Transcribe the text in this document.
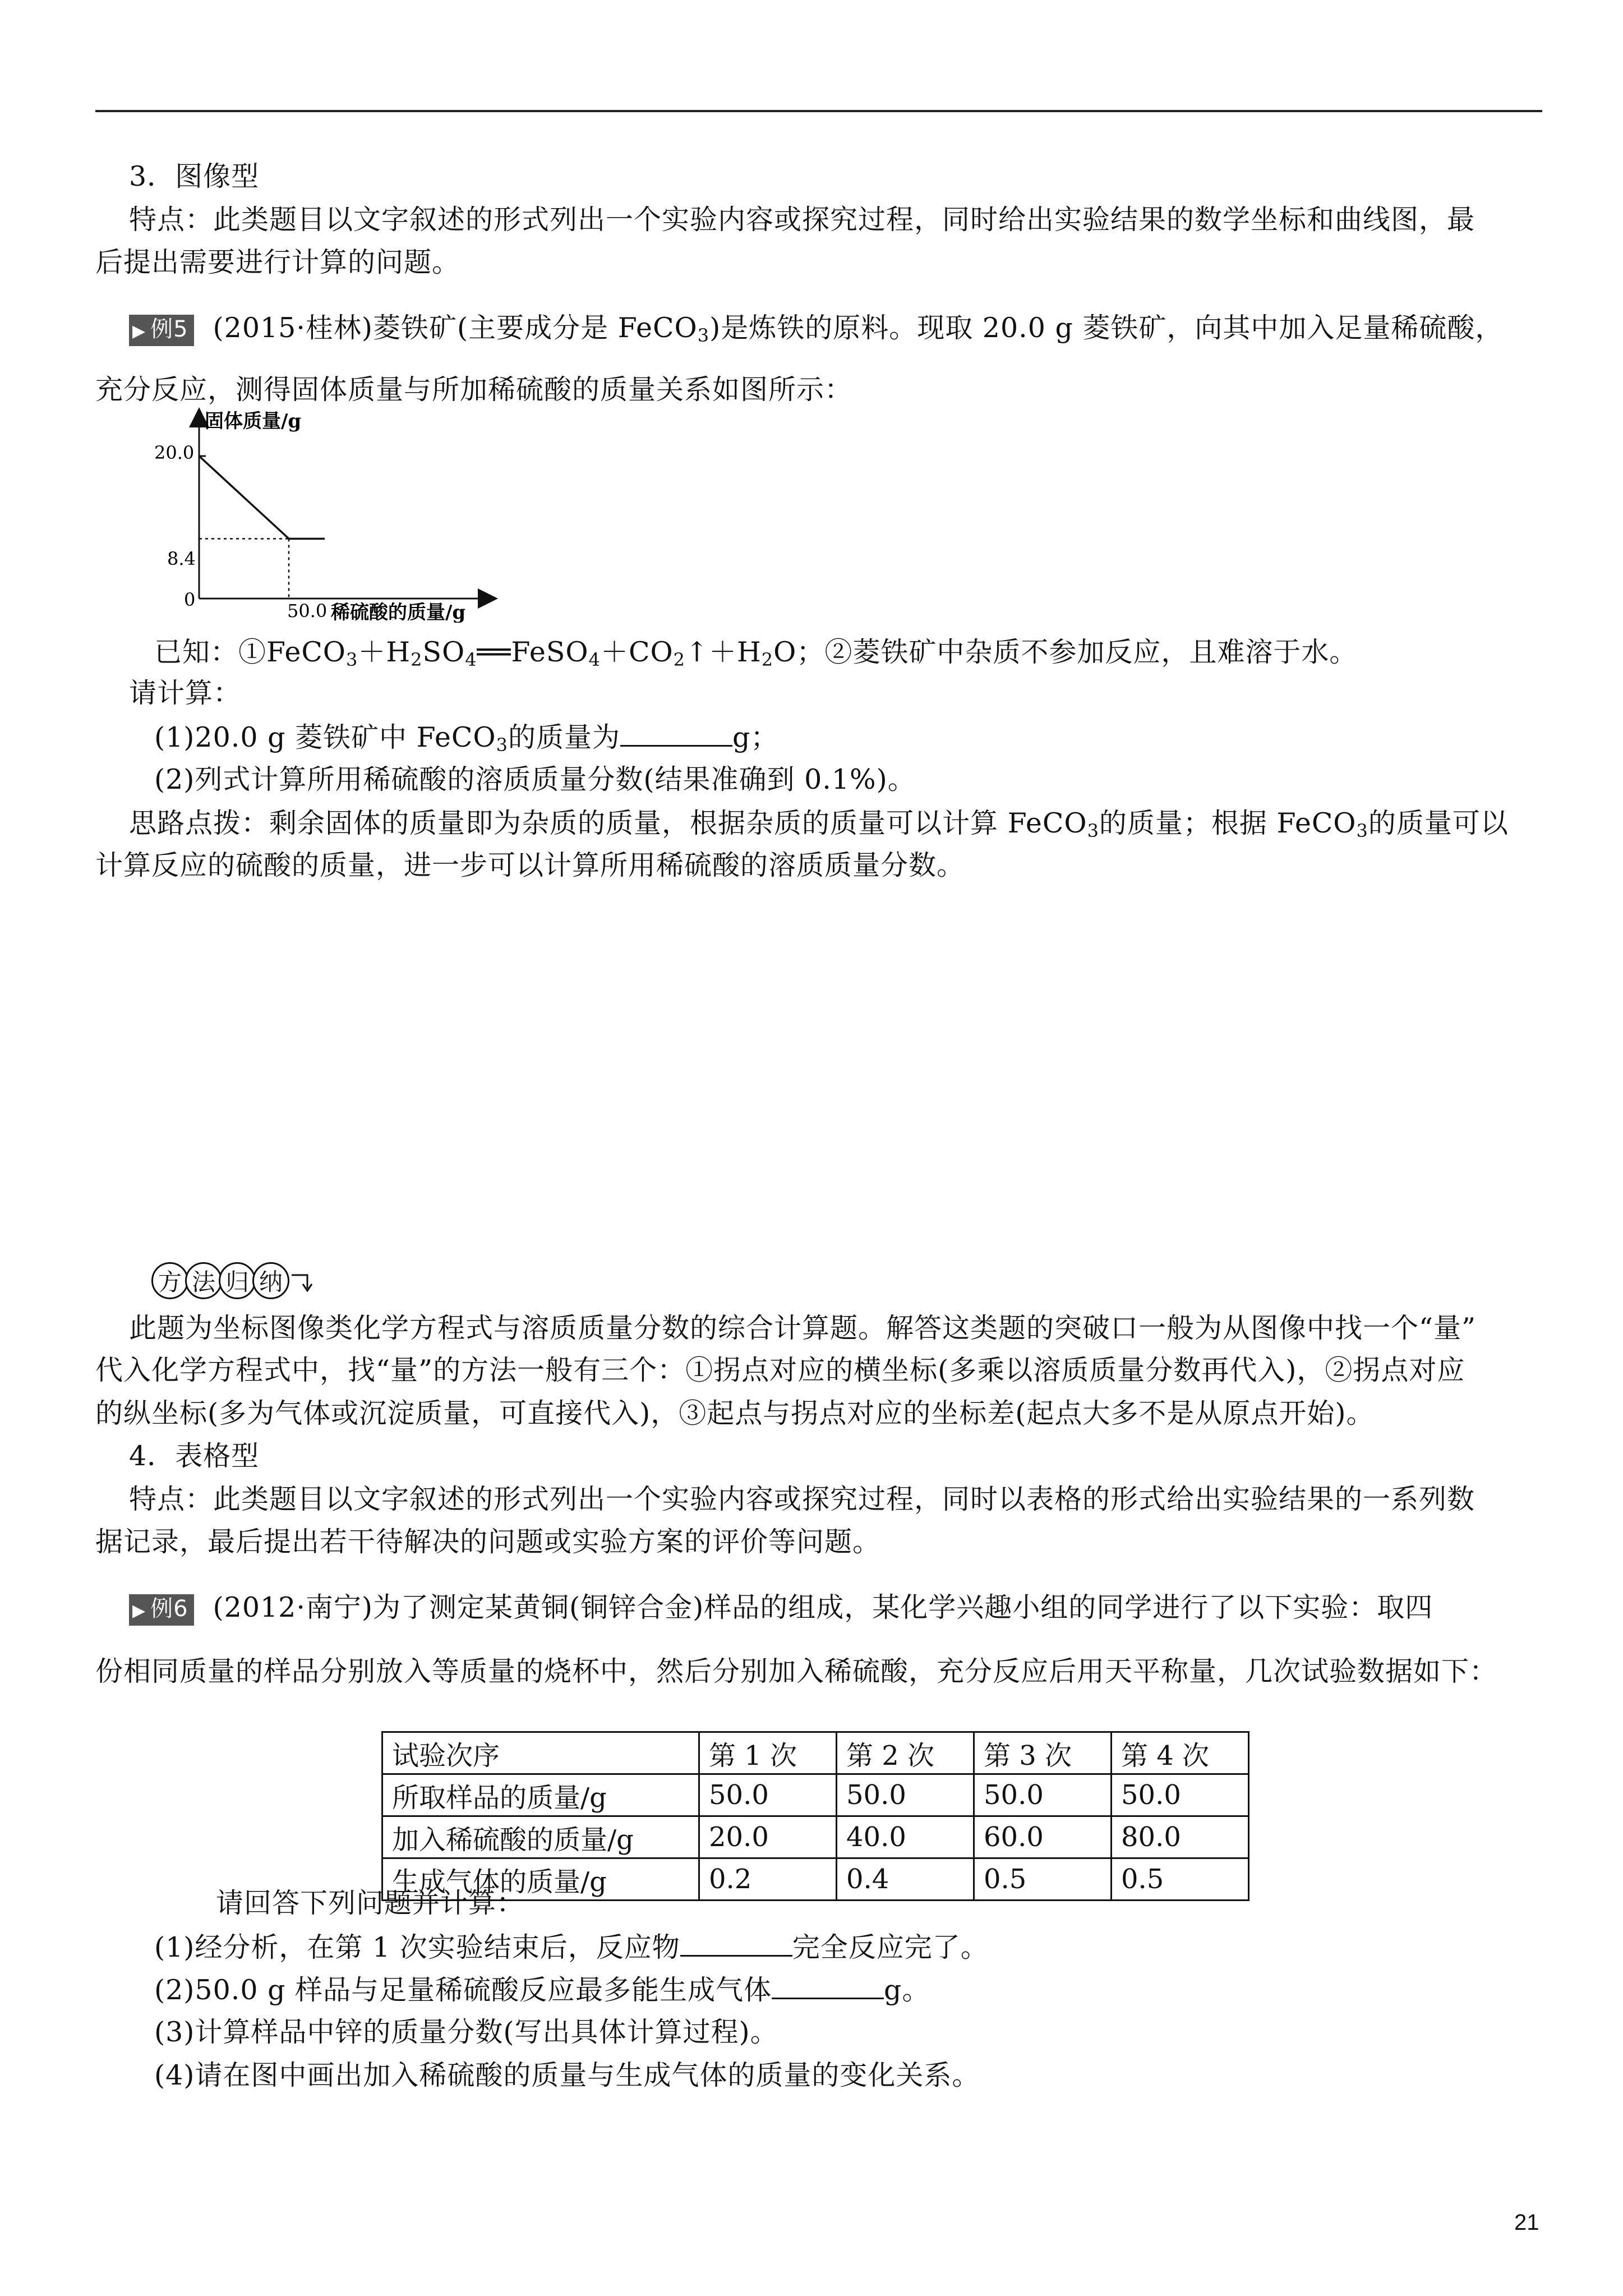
3．图像型
特点：此类题目以文字叙述的形式列出一个实验内容或探究过程，同时给出实验结果的数学坐标和曲线图，最
后提出需要进行计算的问题。
▶ 例5 (2015·桂林)菱铁矿(主要成分是 FeCO$_3$)是炼铁的原料。现取 20.0 g 菱铁矿，向其中加入足量稀硫酸，
充分反应，测得固体质量与所加稀硫酸的质量关系如图所示：
固体质量/g
稀硫酸的质量/g
0
20.0
8.4
50.0
已知：$①FeCO_3+H_2SO_4══FeSO_4+CO_2↑+H_2O$；②菱铁矿中杂质不参加反应，且难溶于水。
请计算：
(1)20.0 g 菱铁矿中 FeCO$_3$的质量为	g；
(2)列式计算所用稀硫酸的溶质质量分数(结果准确到 0.1%)。
思路点拨：剩余固体的质量即为杂质的质量，根据杂质的质量可以计算 FeCO$_3$的质量；根据 FeCO$_3$的质量可以
计算反应的硫酸的质量，进一步可以计算所用稀硫酸的溶质质量分数。
方 法 归 纳
此题为坐标图像类化学方程式与溶质质量分数的综合计算题。解答这类题的突破口一般为从图像中找一个“量”
代入化学方程式中，找“量”的方法一般有三个：①拐点对应的横坐标(多乘以溶质质量分数再代入)，②拐点对应
的纵坐标(多为气体或沉淀质量，可直接代入)，③起点与拐点对应的坐标差(起点大多不是从原点开始)。
4．表格型
特点：此类题目以文字叙述的形式列出一个实验内容或探究过程，同时以表格的形式给出实验结果的一系列数
据记录，最后提出若干待解决的问题或实验方案的评价等问题。
▶ 例6 (2012·南宁)为了测定某黄铜(铜锌合金)样品的组成，某化学兴趣小组的同学进行了以下实验：取四
份相同质量的样品分别放入等质量的烧杯中，然后分别加入稀硫酸，充分反应后用天平称量，几次试验数据如下：
试验次序	第 1 次	第 2 次	第 3 次	第 4 次
所取样品的质量/g	50.0	50.0	50.0	50.0
加入稀硫酸的质量/g	20.0	40.0	60.0	80.0
生成气体的质量/g	0.2	0.4	0.5	0.5
请回答下列问题并计算：
(1)经分析，在第 1 次实验结束后，反应物	完全反应完了。
(2)50.0 g 样品与足量稀硫酸反应最多能生成气体	g。
(3)计算样品中锌的质量分数(写出具体计算过程)。
(4)请在图中画出加入稀硫酸的质量与生成气体的质量的变化关系。
21
